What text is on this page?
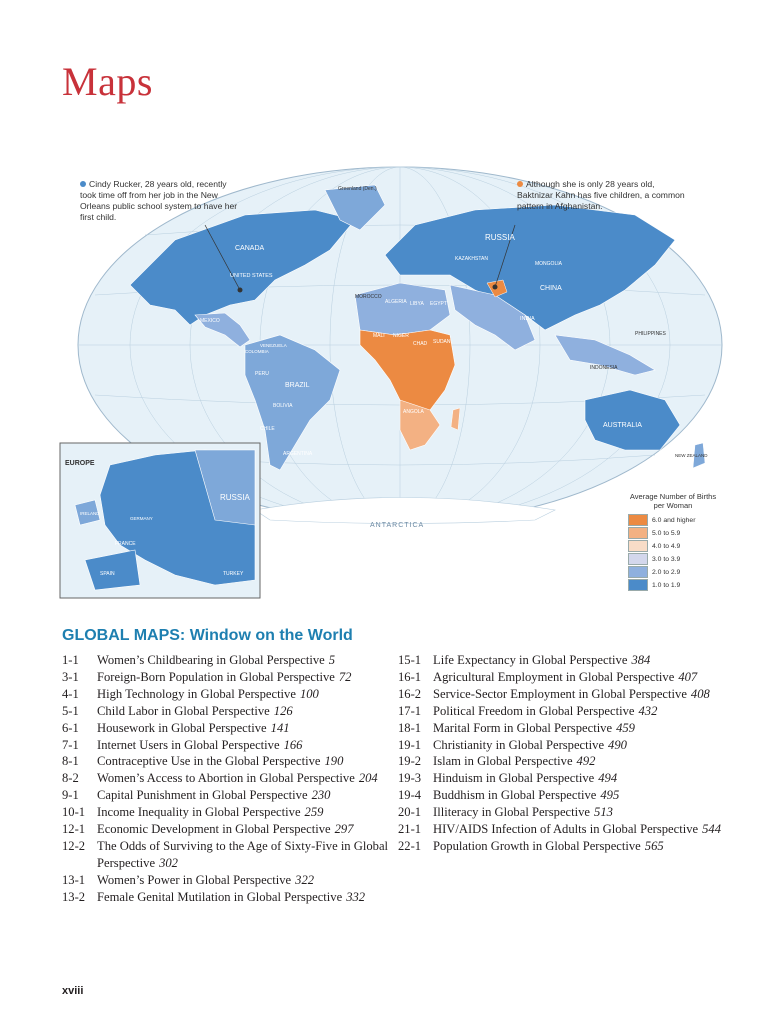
Maps
CANADA
UNITED STATES
MEXICO
Greenland (Den.)
COLOMBIA
VENEZUELA
PERU
BRAZIL
BOLIVIA
CHILE
ARGENTINA
RUSSIA
KAZAKHSTAN
MONGOLIA
CHINA
INDIA
MOROCCO
ALGERIA LIBYA EGYPT
MALI NIGER
CHAD SUDAN
ANGOLA
INDONESIA
PHILIPPINES
AUSTRALIA
NEW ZEALAND
ANTARCTICA
EUROPE
RUSSIA
IRELAND
GERMANY
FRANCE
SPAIN	TURKEY
Cindy Rucker, 28 years old, recently took time off from her job in the New Orleans public school system to have her first child.
Although she is only 28 years old, Baktnizar Kahn has five children, a common pattern in Afghanistan.
Average Number of Births per Woman
6.0 and higher
5.0 to 5.9
4.0 to 4.9
3.0 to 3.9
2.0 to 2.9
1.0 to 1.9
GLOBAL MAPS: Window on the World
1-1	Women’s Childbearing in Global Perspective 5
3-1	Foreign-Born Population in Global Perspective 72
4-1	High Technology in Global Perspective 100
5-1	Child Labor in Global Perspective 126
6-1	Housework in Global Perspective 141
7-1	Internet Users in Global Perspective 166
8-1	Contraceptive Use in the Global Perspective 190
8-2	Women’s Access to Abortion in Global Perspective 204
9-1	Capital Punishment in Global Perspective 230
10-1 Income Inequality in Global Perspective 259
12-1 Economic Development in Global Perspective 297
12-2 The Odds of Surviving to the Age of Sixty-Five in Global Perspective 302
13-1 Women’s Power in Global Perspective 322
13-2 Female Genital Mutilation in Global Perspective 332
15-1 Life Expectancy in Global Perspective 384
16-1 Agricultural Employment in Global Perspective 407
16-2 Service-Sector Employment in Global Perspective 408
17-1 Political Freedom in Global Perspective 432
18-1 Marital Form in Global Perspective 459
19-1 Christianity in Global Perspective 490
19-2 Islam in Global Perspective 492
19-3 Hinduism in Global Perspective 494
19-4 Buddhism in Global Perspective 495
20-1 Illiteracy in Global Perspective 513
21-1 HIV/AIDS Infection of Adults in Global Perspective 544
22-1 Population Growth in Global Perspective 565
xviii
